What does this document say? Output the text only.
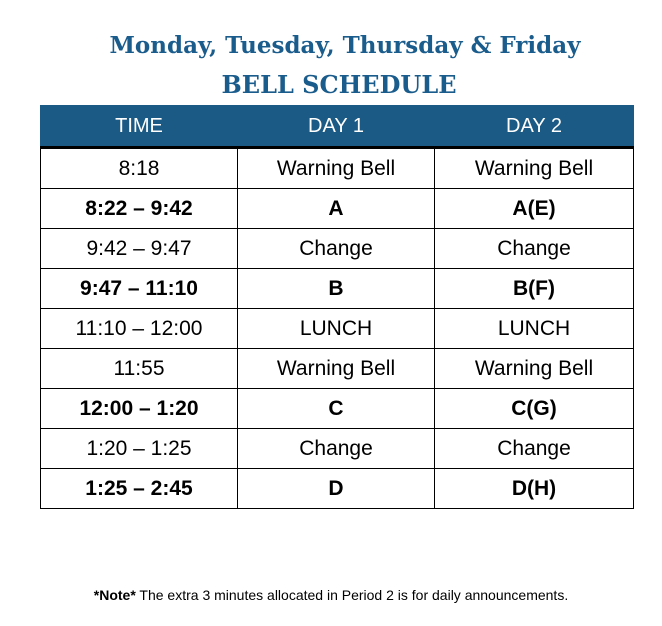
Monday, Tuesday, Thursday & Friday
BELL SCHEDULE
TIME	DAY 1	DAY 2
8:18	Warning Bell	Warning Bell
8:22 – 9:42	A	A(E)
9:42 – 9:47	Change	Change
9:47 – 11:10	B	B(F)
11:10 – 12:00	LUNCH	LUNCH
11:55	Warning Bell	Warning Bell
12:00 – 1:20	C	C(G)
1:20 – 1:25	Change	Change
1:25 – 2:45	D	D(H)
*Note* The extra 3 minutes allocated in Period 2 is for daily announcements.
